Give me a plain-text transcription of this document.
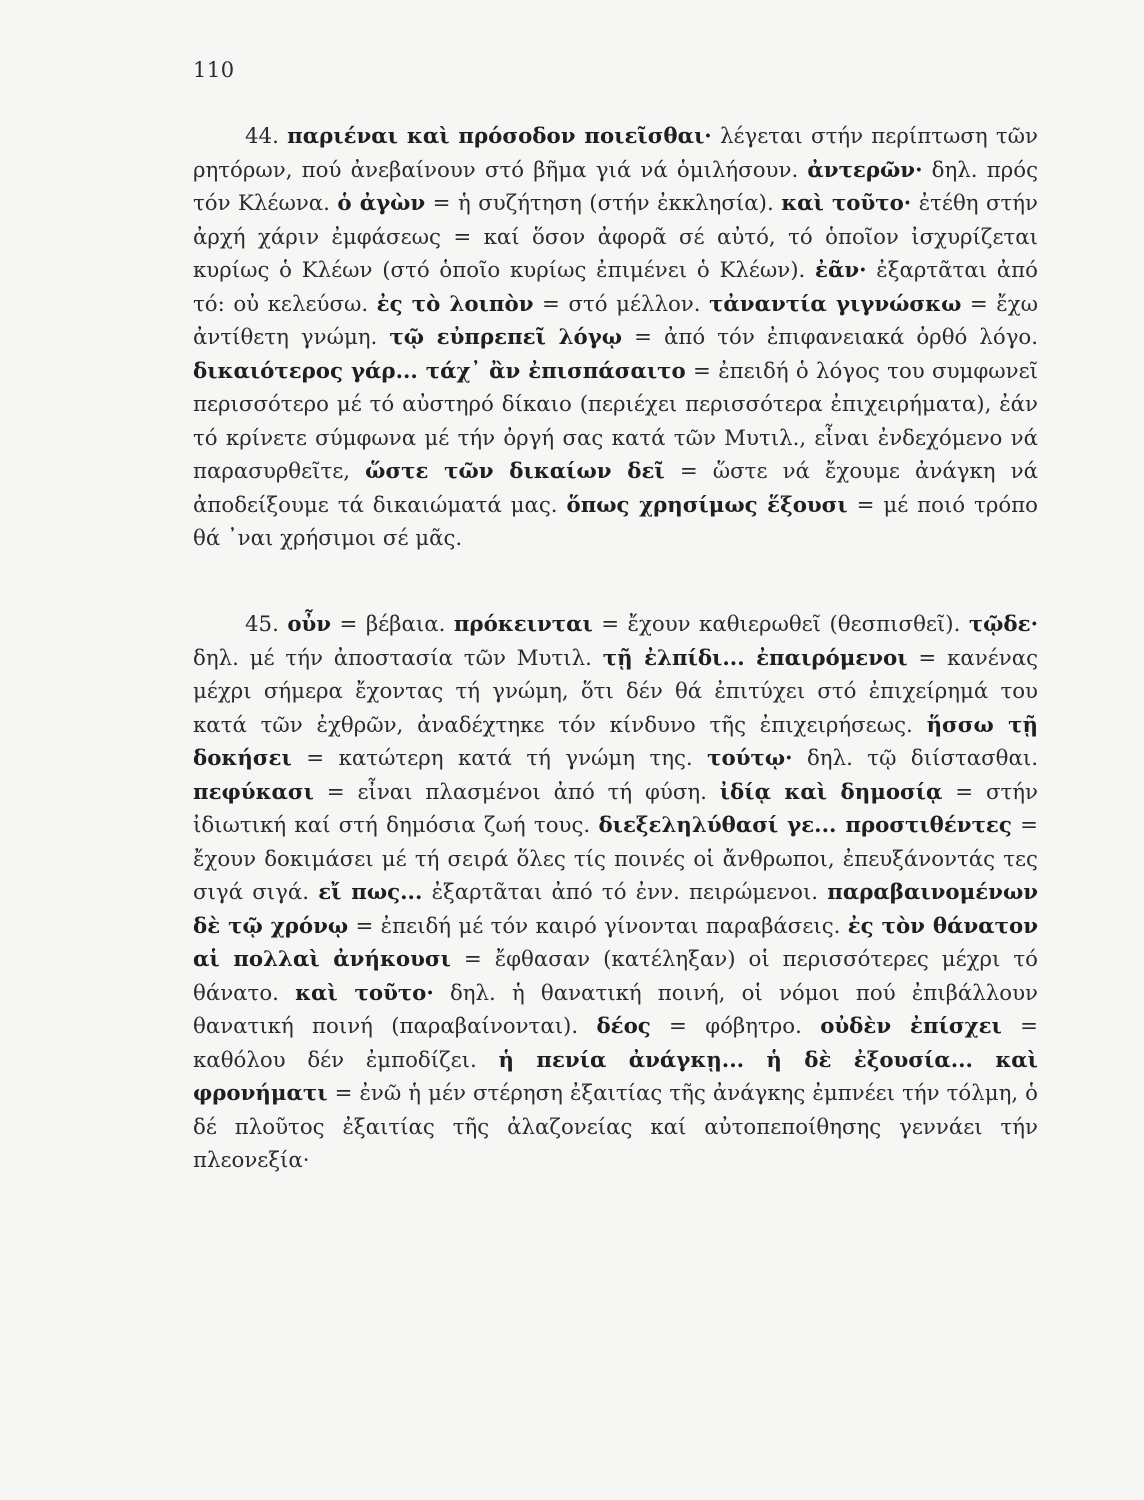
110

44. παριέναι καὶ πρόσοδον ποιεῖσθαι· λέγεται στήν περίπτωση τῶν ρητόρων, πού ἀνεβαίνουν στό βῆμα γιά νά ὁμιλήσουν. ἀντερῶν· δηλ. πρός τόν Κλέωνα. ὁ ἀγὼν = ἡ συζήτηση (στήν ἐκκλησία). καὶ τοῦτο· ἐτέθη στήν ἀρχή χάριν ἐμφάσεως = καί ὅσον ἀφορᾶ σέ αὐτό, τό ὁποῖον ἰσχυρίζεται κυρίως ὁ Κλέων (στό ὁποῖο κυρίως ἐπιμένει ὁ Κλέων). ἐᾶν· ἐξαρτᾶται ἀπό τό: οὐ κελεύσω. ἐς τὸ λοιπὸν = στό μέλλον. τἀναντία γιγνώσκω = ἔχω ἀντίθετη γνώμη. τῷ εὐπρεπεῖ λόγῳ = ἀπό τόν ἐπιφανειακά ὀρθό λόγο. δικαιότερος γάρ... τάχ᾽ ἂν ἐπισπάσαιτο = ἐπειδή ὁ λόγος του συμφωνεῖ περισσότερο μέ τό αὐστηρό δίκαιο (περιέχει περισσότερα ἐπιχειρήματα), ἐάν τό κρίνετε σύμφωνα μέ τήν ὀργή σας κατά τῶν Μυτιλ., εἶναι ἐνδεχόμενο νά παρασυρθεῖτε, ὥστε τῶν δικαίων δεῖ = ὥστε νά ἔχουμε ἀνάγκη νά ἀποδείξουμε τά δικαιώματά μας. ὅπως χρησίμως ἕξουσι = μέ ποιό τρόπο θά ᾽ναι χρήσιμοι σέ μᾶς.

45. οὖν = βέβαια. πρόκεινται = ἔχουν καθιερωθεῖ (θεσπισθεῖ). τῷδε· δηλ. μέ τήν ἀποστασία τῶν Μυτιλ. τῇ ἐλπίδι... ἐπαιρόμενοι = κανένας μέχρι σήμερα ἔχοντας τή γνώμη, ὅτι δέν θά ἐπιτύχει στό ἐπιχείρημά του κατά τῶν ἐχθρῶν, ἀναδέχτηκε τόν κίνδυνο τῆς ἐπιχειρήσεως. ἥσσω τῇ δοκήσει = κατώτερη κατά τή γνώμη της. τούτῳ· δηλ. τῷ διίστασθαι. πεφύκασι = εἶναι πλασμένοι ἀπό τή φύση. ἰδίᾳ καὶ δημοσίᾳ = στήν ἰδιωτική καί στή δημόσια ζωή τους. διεξεληλύθασί γε... προστιθέντες = ἔχουν δοκιμάσει μέ τή σειρά ὅλες τίς ποινές οἱ ἄνθρωποι, ἐπευξάνοντάς τες σιγά σιγά. εἴ πως... ἐξαρτᾶται ἀπό τό ἐνν. πειρώμενοι. παραβαινομένων δὲ τῷ χρόνῳ = ἐπειδή μέ τόν καιρό γίνονται παραβάσεις. ἐς τὸν θάνατον αἱ πολλαὶ ἀνήκουσι = ἔφθασαν (κατέληξαν) οἱ περισσότερες μέχρι τό θάνατο. καὶ τοῦτο· δηλ. ἡ θανατική ποινή, οἱ νόμοι πού ἐπιβάλλουν θανατική ποινή (παραβαίνονται). δέος = φόβητρο. οὐδὲν ἐπίσχει = καθόλου δέν ἐμποδίζει. ἡ πενία ἀνάγκῃ... ἡ δὲ ἐξουσία... καὶ φρονήματι = ἐνῶ ἡ μέν στέρηση ἐξαιτίας τῆς ἀνάγκης ἐμπνέει τήν τόλμη, ὁ δέ πλοῦτος ἐξαιτίας τῆς ἀλαζονείας καί αὐτοπεποίθησης γεννάει τήν πλεονεξία·
